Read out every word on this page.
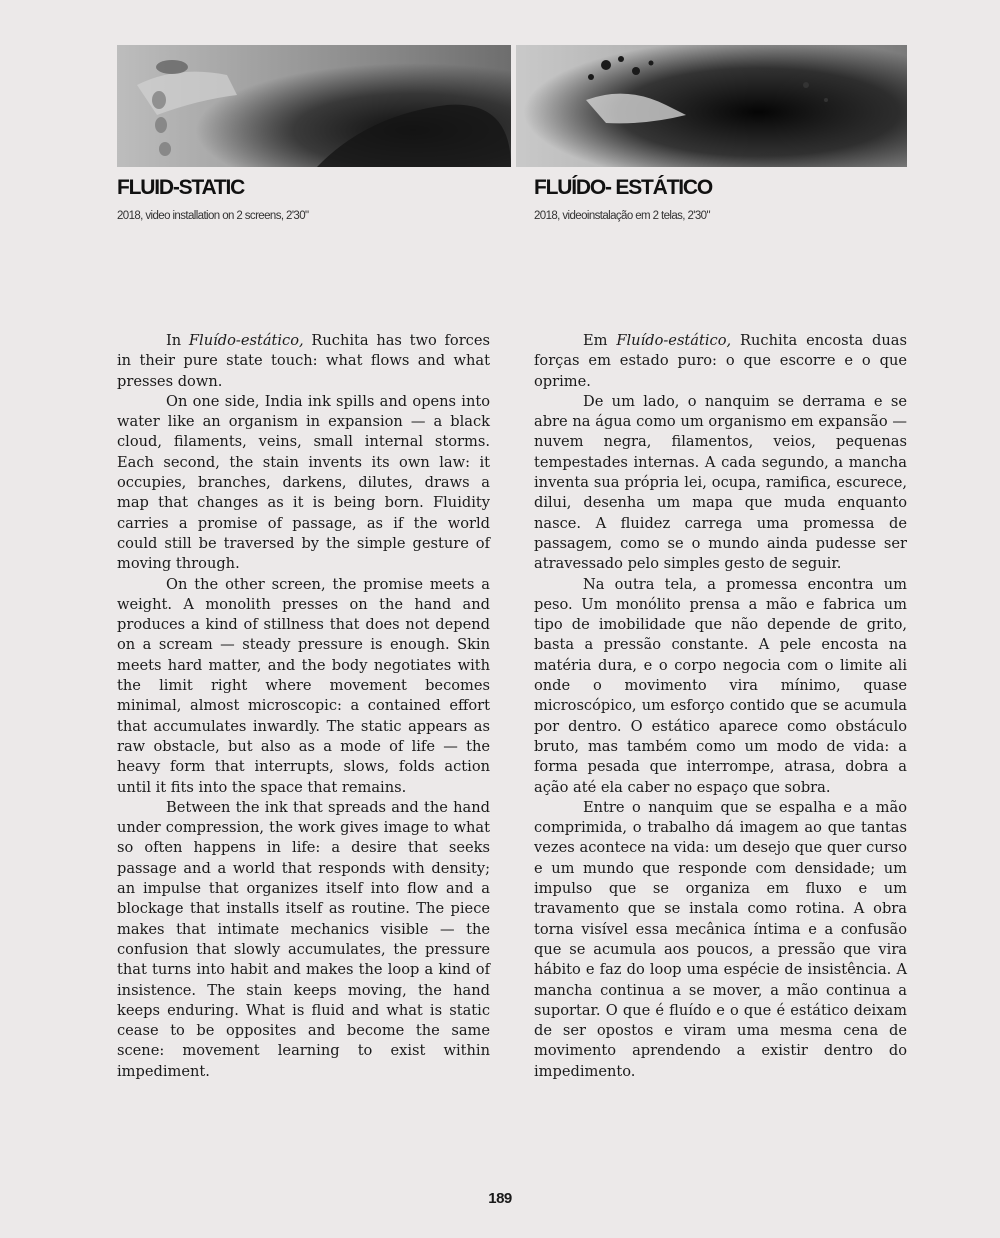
FLUID-STATIC
2018, video installation on 2 screens, 2'30"
FLUÍDO- ESTÁTICO
2018, videoinstalação em 2 telas, 2'30"

In Fluído-estático, Ruchita has two forces in their pure state touch: what flows and what presses down.

On one side, India ink spills and opens into water like an organism in expansion — a black cloud, filaments, veins, small internal storms. Each second, the stain invents its own law: it occupies, branches, darkens, dilutes, draws a map that changes as it is being born. Fluidity carries a promise of passage, as if the world could still be traversed by the simple gesture of moving through.

On the other screen, the promise meets a weight. A monolith presses on the hand and produces a kind of stillness that does not depend on a scream — steady pressure is enough. Skin meets hard matter, and the body negotiates with the limit right where movement becomes minimal, almost microscopic: a contained effort that accumulates inwardly. The static appears as raw obstacle, but also as a mode of life — the heavy form that interrupts, slows, folds action until it fits into the space that remains.

Between the ink that spreads and the hand under compression, the work gives image to what so often happens in life: a desire that seeks passage and a world that responds with density; an impulse that organizes itself into flow and a blockage that installs itself as routine. The piece makes that intimate mechanics visible — the confusion that slowly accumulates, the pressure that turns into habit and makes the loop a kind of insistence. The stain keeps moving, the hand keeps enduring. What is fluid and what is static cease to be opposites and become the same scene: movement learning to exist within impediment.

Em Fluído-estático, Ruchita encosta duas forças em estado puro: o que escorre e o que oprime.

De um lado, o nanquim se derrama e se abre na água como um organismo em expansão — nuvem negra, filamentos, veios, pequenas tempestades internas. A cada segundo, a mancha inventa sua própria lei, ocupa, ramifica, escurece, dilui, desenha um mapa que muda enquanto nasce. A fluidez carrega uma promessa de passagem, como se o mundo ainda pudesse ser atravessado pelo simples gesto de seguir.

Na outra tela, a promessa encontra um peso. Um monólito prensa a mão e fabrica um tipo de imobilidade que não depende de grito, basta a pressão constante. A pele encosta na matéria dura, e o corpo negocia com o limite ali onde o movimento vira mínimo, quase microscópico, um esforço contido que se acumula por dentro. O estático aparece como obstáculo bruto, mas também como um modo de vida: a forma pesada que interrompe, atrasa, dobra a ação até ela caber no espaço que sobra.

Entre o nanquim que se espalha e a mão comprimida, o trabalho dá imagem ao que tantas vezes acontece na vida: um desejo que quer curso e um mundo que responde com densidade; um impulso que se organiza em fluxo e um travamento que se instala como rotina. A obra torna visível essa mecânica íntima e a confusão que se acumula aos poucos, a pressão que vira hábito e faz do loop uma espécie de insistência. A mancha continua a se mover, a mão continua a suportar. O que é fluído e o que é estático deixam de ser opostos e viram uma mesma cena de movimento aprendendo a existir dentro do impedimento.

189
